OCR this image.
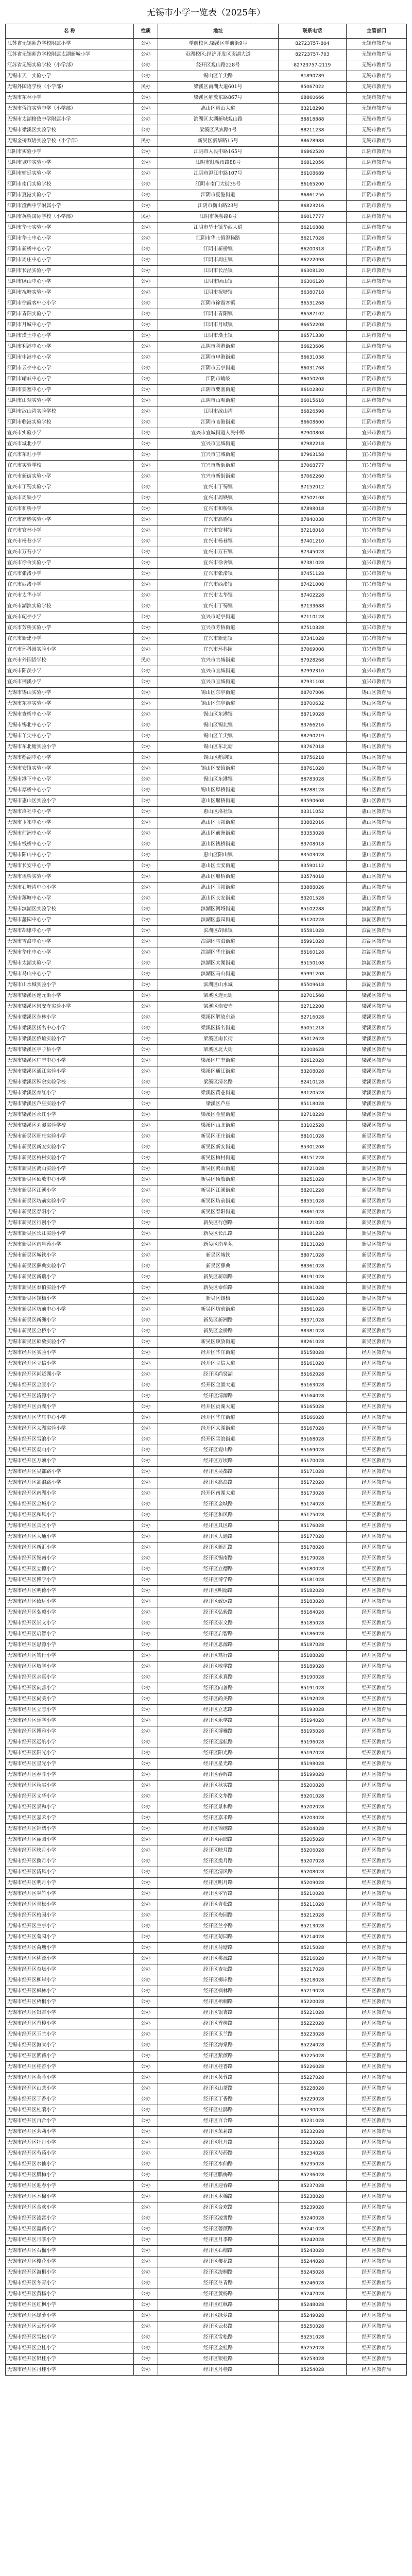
无锡市小学一览表（2025年）
名 称	性质	地址	联系电话	主管部门
江苏省无锡师范学校附属小学	公办	学前校区:梁溪区学前街9号	82723757-804	无锡市教育局
江苏省无锡师范学校附属太湖新城小学	公办	贡湖校区:经济开发区贡湖大道	82723757-703	无锡市教育局
江苏省无锡实验学校（小学部）	公办	经开区观山路228号	82723757-2119	无锡市教育局
无锡市天一实验小学	公办	锡山区羊尖路	81890789	无锡市教育局
无锡外国语学校（小学部）	民办	梁溪区南湖大道601号	85067022	无锡市教育局
无锡市东林小学	公办	梁溪区解放东路867号	68860666	无锡市教育局
无锡市侨谊实验中学（小学部）	公办	惠山区惠山大道	83218298	无锡市教育局
无锡市太湖格致中学附属小学	公办	滨湖区太湖新城观山路	88818888	无锡市教育局
无锡市梁溪区实验学校	公办	梁溪区凤宾路1号	88211238	无锡市教育局
无锡金桥双语实验学校（小学部）	民办	新吴区新华路15号	88678988	无锡市教育局
江阴市实验小学	公办	江阴市人民中路165号	86862520	江阴市教育局
江阴市城中实验小学	公办	江阴市虹桥南路88号	86812056	江阴市教育局
江阴市辅延实验小学	公办	江阴市澄江中路107号	86108689	江阴市教育局
江阴市南门实验学校	公办	江阴市南门大街35号	86165200	江阴市教育局
江阴市夏港实验小学	公办	江阴市夏港街道	86861256	江阴市教育局
江阴市澄西中学附属小学	公办	江阴市衡山路23号	86823216	江阴市教育局
江阴市英桥国际学校（小学部）	民办	江阴市英桥路8号	86017777	江阴市教育局
江阴市华士实验小学	公办	江阴市华士镇华西大道	86216888	江阴市教育局
江阴市华士中心小学	公办	江阴市华士镇澄杨路	86217028	江阴市教育局
江阴市新桥中心小学	公办	江阴市新桥镇	86200318	江阴市教育局
江阴市周庄中心小学	公办	江阴市周庄镇	86222098	江阴市教育局
江阴市长泾实验小学	公办	江阴市长泾镇	86308120	江阴市教育局
江阴市顾山中心小学	公办	江阴市顾山镇	86306120	江阴市教育局
江阴市祝塘实验小学	公办	江阴市祝塘镇	86380718	江阴市教育局
江阴市徐霞客中心小学	公办	江阴市徐霞客镇	86531268	江阴市教育局
江阴市青阳实验小学	公办	江阴市青阳镇	86587102	江阴市教育局
江阴市月城中心小学	公办	江阴市月城镇	86652208	江阴市教育局
江阴市璜土中心小学	公办	江阴市璜土镇	86571330	江阴市教育局
江阴市利港中心小学	公办	江阴市利港街道	86623606	江阴市教育局
江阴市申港中心小学	公办	江阴市申港街道	86631038	江阴市教育局
江阴市云亭中心小学	公办	江阴市云亭街道	86031768	江阴市教育局
江阴市峭岐中心小学	公办	江阴市峭岐	86050208	江阴市教育局
江阴市要塞中心小学	公办	江阴市要塞街道	86102802	江阴市教育局
江阴市山观实验小学	公办	江阴市山观街道	86015618	江阴市教育局
江阴市敔山湾实验学校	公办	江阴市敔山湾	86826598	江阴市教育局
江阴市临港实验学校	公办	江阴市临港街道	86608600	江阴市教育局
宜兴市实验小学	公办	宜兴市宜城街道人民中路	87900808	宜兴市教育局
宜兴市城北小学	公办	宜兴市宜城街道	87982218	宜兴市教育局
宜兴市东虹小学	公办	宜兴市宜城街道	87963158	宜兴市教育局
宜兴市实验学校	公办	宜兴市新街街道	87068777	宜兴市教育局
宜兴市新街实验小学	公办	宜兴市新街街道	87062260	宜兴市教育局
宜兴市丁蜀实验小学	公办	宜兴市丁蜀镇	87152012	宜兴市教育局
宜兴市周铁小学	公办	宜兴市周铁镇	87502108	宜兴市教育局
宜兴市和桥小学	公办	宜兴市和桥镇	87898018	宜兴市教育局
宜兴市高塍实验小学	公办	宜兴市高塍镇	87840038	宜兴市教育局
宜兴市官林小学	公办	宜兴市官林镇	87218018	宜兴市教育局
宜兴市杨巷小学	公办	宜兴市杨巷镇	87401210	宜兴市教育局
宜兴市万石小学	公办	宜兴市万石镇	87345028	宜兴市教育局
宜兴市徐舍实验小学	公办	宜兴市徐舍镇	87381028	宜兴市教育局
宜兴市张渚小学	公办	宜兴市张渚镇	87451128	宜兴市教育局
宜兴市西渚小学	公办	宜兴市西渚镇	87421008	宜兴市教育局
宜兴市太华小学	公办	宜兴市太华镇	87402228	宜兴市教育局
宜兴市湖滨实验学校	公办	宜兴市丁蜀镇	87133688	宜兴市教育局
宜兴市屺亭小学	公办	宜兴市屺亭街道	87110128	宜兴市教育局
宜兴市芳桥实验小学	公办	宜兴市芳桥街道	87510328	宜兴市教育局
宜兴市新建小学	公办	宜兴市新建镇	87341028	宜兴市教育局
宜兴市环科园实验小学	公办	宜兴市环科园	87069008	宜兴市教育局
宜兴市外国语学校	民办	宜兴市宜城街道	87928268	宜兴市教育局
宜兴市阳羡小学	公办	宜兴市宜城街道	87992310	宜兴市教育局
宜兴市荆溪小学	公办	宜兴市宜城街道	87931108	宜兴市教育局
无锡市锡山实验小学	公办	锡山区东亭街道	88707006	锡山区教育局
无锡市东亭实验小学	公办	锡山区东亭街道	88700632	锡山区教育局
无锡市查桥中心小学	公办	锡山区东港镇	88719028	锡山区教育局
无锡市锡北中心小学	公办	锡山区锡北镇	83766216	锡山区教育局
无锡市羊尖中心小学	公办	锡山区羊尖镇	88790219	锡山区教育局
无锡市东北塘实验小学	公办	锡山区东北塘	83767018	锡山区教育局
无锡市鹅湖中心小学	公办	锡山区鹅湖镇	88756218	锡山区教育局
无锡市安镇实验小学	公办	锡山区安镇街道	88761028	锡山区教育局
无锡市港下中心小学	公办	锡山区东港镇	88783028	锡山区教育局
无锡市厚桥中心小学	公办	锡山区厚桥街道	88788128	锡山区教育局
无锡市惠山区实验小学	公办	惠山区堰桥街道	83590608	惠山区教育局
无锡市洛社中心小学	公办	惠山区洛社镇	83311052	惠山区教育局
无锡市玉祁中心小学	公办	惠山区玉祁街道	83882016	惠山区教育局
无锡市前洲中心小学	公办	惠山区前洲街道	83353028	惠山区教育局
无锡市钱桥中心小学	公办	惠山区钱桥街道	83708018	惠山区教育局
无锡市阳山中心小学	公办	惠山区阳山镇	83503028	惠山区教育局
无锡市长安中心小学	公办	惠山区长安街道	83590112	惠山区教育局
无锡市堰桥实验小学	公办	惠山区堰桥街道	83574018	惠山区教育局
无锡市石塘湾中心小学	公办	惠山区玉祁街道	83888026	惠山区教育局
无锡市藕塘中心小学	公办	惠山区长安街道	83201528	惠山区教育局
无锡市滨湖区实验学校	公办	滨湖区河埒街道	85102288	滨湖区教育局
无锡市蠡园中心小学	公办	滨湖区蠡园街道	85120228	滨湖区教育局
无锡市胡埭中心小学	公办	滨湖区胡埭镇	85581028	滨湖区教育局
无锡市雪浪中心小学	公办	滨湖区雪浪街道	85991028	滨湖区教育局
无锡市华庄中心小学	公办	滨湖区华庄街道	85160128	滨湖区教育局
无锡市太湖实验小学	公办	滨湖区太湖街道	85150108	滨湖区教育局
无锡市马山中心小学	公办	滨湖区马山街道	85991208	滨湖区教育局
无锡市山水城实验小学	公办	滨湖区山水城	85509618	滨湖区教育局
无锡市梁溪区连元街小学	公办	梁溪区连元街	82701568	梁溪区教育局
无锡市梁溪区崇安寺实验小学	公办	梁溪区崇安寺	82712208	梁溪区教育局
无锡市梁溪区东林小学	公办	梁溪区解放东路	82716028	梁溪区教育局
无锡市梁溪区扬名中心小学	公办	梁溪区扬名街道	85051218	梁溪区教育局
无锡市梁溪区侨谊实验小学	公办	梁溪区南长街	85012628	梁溪区教育局
无锡市梁溪区亭子桥小学	公办	梁溪区北大街	82308628	梁溪区教育局
无锡市梁溪区广丰中心小学	公办	梁溪区广丰街道	82612028	梁溪区教育局
无锡市梁溪区通江实验小学	公办	梁溪区通江街道	83208028	梁溪区教育局
无锡市梁溪区积余实验学校	公办	梁溪区清名路	82410128	梁溪区教育局
无锡市梁溪区育红小学	公办	梁溪区黄巷街道	83120528	梁溪区教育局
无锡市梁溪区芦庄实验小学	公办	梁溪区芦庄	85118028	梁溪区教育局
无锡市梁溪区永红小学	公办	梁溪区金星街道	82718228	梁溪区教育局
无锡市梁溪区刘潭实验学校	公办	梁溪区山北街道	83102528	梁溪区教育局
无锡市新吴区旺庄实验小学	公办	新吴区旺庄街道	88101028	新吴区教育局
无锡市新吴区新安实验小学	公办	新吴区新安街道	85301208	新吴区教育局
无锡市新吴区梅村实验小学	公办	新吴区梅村街道	88151228	新吴区教育局
无锡市新吴区鸿山实验小学	公办	新吴区鸿山街道	88721028	新吴区教育局
无锡市新吴区硕放中心小学	公办	新吴区硕放街道	88251028	新吴区教育局
无锡市新吴区江溪小学	公办	新吴区江溪街道	88201228	新吴区教育局
无锡市新吴区坊前实验小学	公办	新吴区坊前街道	88551028	新吴区教育局
无锡市新吴区春阳小学	公办	新吴区春阳街道	88861028	新吴区教育局
无锡市新吴区行创小学	公办	新吴区行创路	88121028	新吴区教育局
无锡市新吴区长江实验小学	公办	新吴区长江路	88181228	新吴区教育局
无锡市新吴区南星苑小学	公办	新吴区南星苑	88131028	新吴区教育局
无锡市新吴区城铁小学	公办	新吴区城铁	88071028	新吴区教育局
无锡市新吴区薛典实验小学	公办	新吴区薛典	88361028	新吴区教育局
无锡市新吴区新瑞小学	公办	新吴区新瑞路	88191028	新吴区教育局
无锡市新吴区泰伯实验小学	公办	新吴区泰伯路	88391028	新吴区教育局
无锡市新吴区锡梅小学	公办	新吴区锡梅	88161028	新吴区教育局
无锡市新吴区坊前中心小学	公办	新吴区坊前街道	88561028	新吴区教育局
无锡市新吴区新洲小学	公办	新吴区新洲路	88371028	新吴区教育局
无锡市新吴区金桥小学	公办	新吴区金桥路	88381028	新吴区教育局
无锡市新吴区硕放实验小学	公办	新吴区硕放街道	88261028	新吴区教育局
无锡市经开区实验小学	公办	经开区华庄街道	85158028	经开区教育局
无锡市经开区立信小学	公办	经开区立信大道	85161028	经开区教育局
无锡市经开区尚贤湖小学	公办	经开区尚贤湖	85162028	经开区教育局
无锡市经开区金匮小学	公办	经开区金匮大道	85163028	经开区教育局
无锡市经开区清源小学	公办	经开区清源路	85164028	经开区教育局
无锡市经开区贡湖小学	公办	经开区贡湖大道	85165028	经开区教育局
无锡市经开区华庄中心小学	公办	经开区华庄街道	85166028	经开区教育局
无锡市经开区太湖实验小学	公办	经开区太湖街道	85167028	经开区教育局
无锡市经开区雪浪小学	公办	经开区雪浪街道	85168028	经开区教育局
无锡市经开区观山小学	公办	经开区观山路	85169028	经开区教育局
无锡市经开区万顷小学	公办	经开区万顷路	85170028	经开区教育局
无锡市经开区吴都路小学	公办	经开区吴都路	85171028	经开区教育局
无锡市经开区高浪路小学	公办	经开区高浪路	85172028	经开区教育局
无锡市经开区南湖小学	公办	经开区南湖大道	85173028	经开区教育局
无锡市经开区金城小学	公办	经开区金城路	85174028	经开区教育局
无锡市经开区和风小学	公办	经开区和风路	85175028	经开区教育局
无锡市经开区具区小学	公办	经开区具区路	85176028	经开区教育局
无锡市经开区大通小学	公办	经开区大通路	85177028	经开区教育局
无锡市经开区新汇小学	公办	经开区新汇路	85178028	经开区教育局
无锡市经开区锡南小学	公办	经开区锡南路	85179028	经开区教育局
无锡市经开区立德小学	公办	经开区立德路	85180028	经开区教育局
无锡市经开区博学小学	公办	经开区博学路	85181028	经开区教育局
无锡市经开区明德小学	公办	经开区明德路	85182028	经开区教育局
无锡市经开区致远小学	公办	经开区致远路	85183028	经开区教育局
无锡市经开区弘毅小学	公办	经开区弘毅路	85184028	经开区教育局
无锡市经开区崇文小学	公办	经开区崇文路	85185028	经开区教育局
无锡市经开区启智小学	公办	经开区启智路	85186028	经开区教育局
无锡市经开区思源小学	公办	经开区思源路	85187028	经开区教育局
无锡市经开区笃行小学	公办	经开区笃行路	85188028	经开区教育局
无锡市经开区敏学小学	公办	经开区敏学路	85189028	经开区教育局
无锡市经开区求真小学	公办	经开区求真路	85190028	经开区教育局
无锡市经开区向善小学	公办	经开区向善路	85191028	经开区教育局
无锡市经开区尚美小学	公办	经开区尚美路	85192028	经开区教育局
无锡市经开区立志小学	公办	经开区立志路	85193028	经开区教育局
无锡市经开区乐学小学	公办	经开区乐学路	85194028	经开区教育局
无锡市经开区博雅小学	公办	经开区博雅路	85195028	经开区教育局
无锡市经开区远航小学	公办	经开区远航路	85196028	经开区教育局
无锡市经开区阳光小学	公办	经开区阳光路	85197028	经开区教育局
无锡市经开区星光小学	公办	经开区星光路	85198028	经开区教育局
无锡市经开区春晖小学	公办	经开区春晖路	85199028	经开区教育局
无锡市经开区秋实小学	公办	经开区秋实路	85200028	经开区教育局
无锡市经开区文华小学	公办	经开区文华路	85201028	经开区教育局
无锡市经开区景和小学	公办	经开区景和路	85202028	经开区教育局
无锡市经开区嘉禾小学	公办	经开区嘉禾路	85203028	经开区教育局
无锡市经开区锦绣小学	公办	经开区锦绣路	85204028	经开区教育局
无锡市经开区丽园小学	公办	经开区丽园路	85205028	经开区教育局
无锡市经开区映月小学	公办	经开区映月路	85206028	经开区教育局
无锡市经开区揽月小学	公办	经开区揽月路	85207028	经开区教育局
无锡市经开区清风小学	公办	经开区清风路	85208028	经开区教育局
无锡市经开区明月小学	公办	经开区明月路	85209028	经开区教育局
无锡市经开区翠竹小学	公办	经开区翠竹路	85210028	经开区教育局
无锡市经开区青松小学	公办	经开区青松路	85211028	经开区教育局
无锡市经开区梅园小学	公办	经开区梅园路	85212028	经开区教育局
无锡市经开区兰亭小学	公办	经开区兰亭路	85213028	经开区教育局
无锡市经开区菊园小学	公办	经开区菊园路	85214028	经开区教育局
无锡市经开区荷塘小学	公办	经开区荷塘路	85215028	经开区教育局
无锡市经开区桃源小学	公办	经开区桃源路	85216028	经开区教育局
无锡市经开区杏坛小学	公办	经开区杏坛路	85217028	经开区教育局
无锡市经开区柳岸小学	公办	经开区柳岸路	85218028	经开区教育局
无锡市经开区枫林小学	公办	经开区枫林路	85219028	经开区教育局
无锡市经开区梧桐小学	公办	经开区梧桐路	85220028	经开区教育局
无锡市经开区银杏小学	公办	经开区银杏路	85221028	经开区教育局
无锡市经开区香樟小学	公办	经开区香樟路	85222028	经开区教育局
无锡市经开区玉兰小学	公办	经开区玉兰路	85223028	经开区教育局
无锡市经开区海棠小学	公办	经开区海棠路	85224028	经开区教育局
无锡市经开区紫薇小学	公办	经开区紫薇路	85225028	经开区教育局
无锡市经开区桂香小学	公办	经开区桂香路	85226028	经开区教育局
无锡市经开区芙蓉小学	公办	经开区芙蓉路	85227028	经开区教育局
无锡市经开区山茶小学	公办	经开区山茶路	85228028	经开区教育局
无锡市经开区丁香小学	公办	经开区丁香路	85229028	经开区教育局
无锡市经开区杜鹃小学	公办	经开区杜鹃路	85230028	经开区教育局
无锡市经开区百合小学	公办	经开区百合路	85231028	经开区教育局
无锡市经开区茉莉小学	公办	经开区茉莉路	85232028	经开区教育局
无锡市经开区牡丹小学	公办	经开区牡丹路	85233028	经开区教育局
无锡市经开区芍药小学	公办	经开区芍药路	85234028	经开区教育局
无锡市经开区水仙小学	公办	经开区水仙路	85235028	经开区教育局
无锡市经开区腊梅小学	公办	经开区腊梅路	85236028	经开区教育局
无锡市经开区迎春小学	公办	经开区迎春路	85237028	经开区教育局
无锡市经开区木棉小学	公办	经开区木棉路	85238028	经开区教育局
无锡市经开区合欢小学	公办	经开区合欢路	85239028	经开区教育局
无锡市经开区凌霄小学	公办	经开区凌霄路	85240028	经开区教育局
无锡市经开区蔷薇小学	公办	经开区蔷薇路	85241028	经开区教育局
无锡市经开区月季小学	公办	经开区月季路	85242028	经开区教育局
无锡市经开区石榴小学	公办	经开区石榴路	85243028	经开区教育局
无锡市经开区樱花小学	公办	经开区樱花路	85244028	经开区教育局
无锡市经开区海桐小学	公办	经开区海桐路	85245028	经开区教育局
无锡市经开区冬青小学	公办	经开区冬青路	85246028	经开区教育局
无锡市经开区黄杨小学	公办	经开区黄杨路	85247028	经开区教育局
无锡市经开区红枫小学	公办	经开区红枫路	85248028	经开区教育局
无锡市经开区绿萝小学	公办	经开区绿萝路	85249028	经开区教育局
无锡市经开区云杉小学	公办	经开区云杉路	85250028	经开区教育局
无锡市经开区雪松小学	公办	经开区雪松路	85251028	经开区教育局
无锡市经开区金桂小学	公办	经开区金桂路	85252028	经开区教育局
无锡市经开区银桂小学	公办	经开区银桂路	85253028	经开区教育局
无锡市经开区丹桂小学	公办	经开区丹桂路	85254028	经开区教育局
